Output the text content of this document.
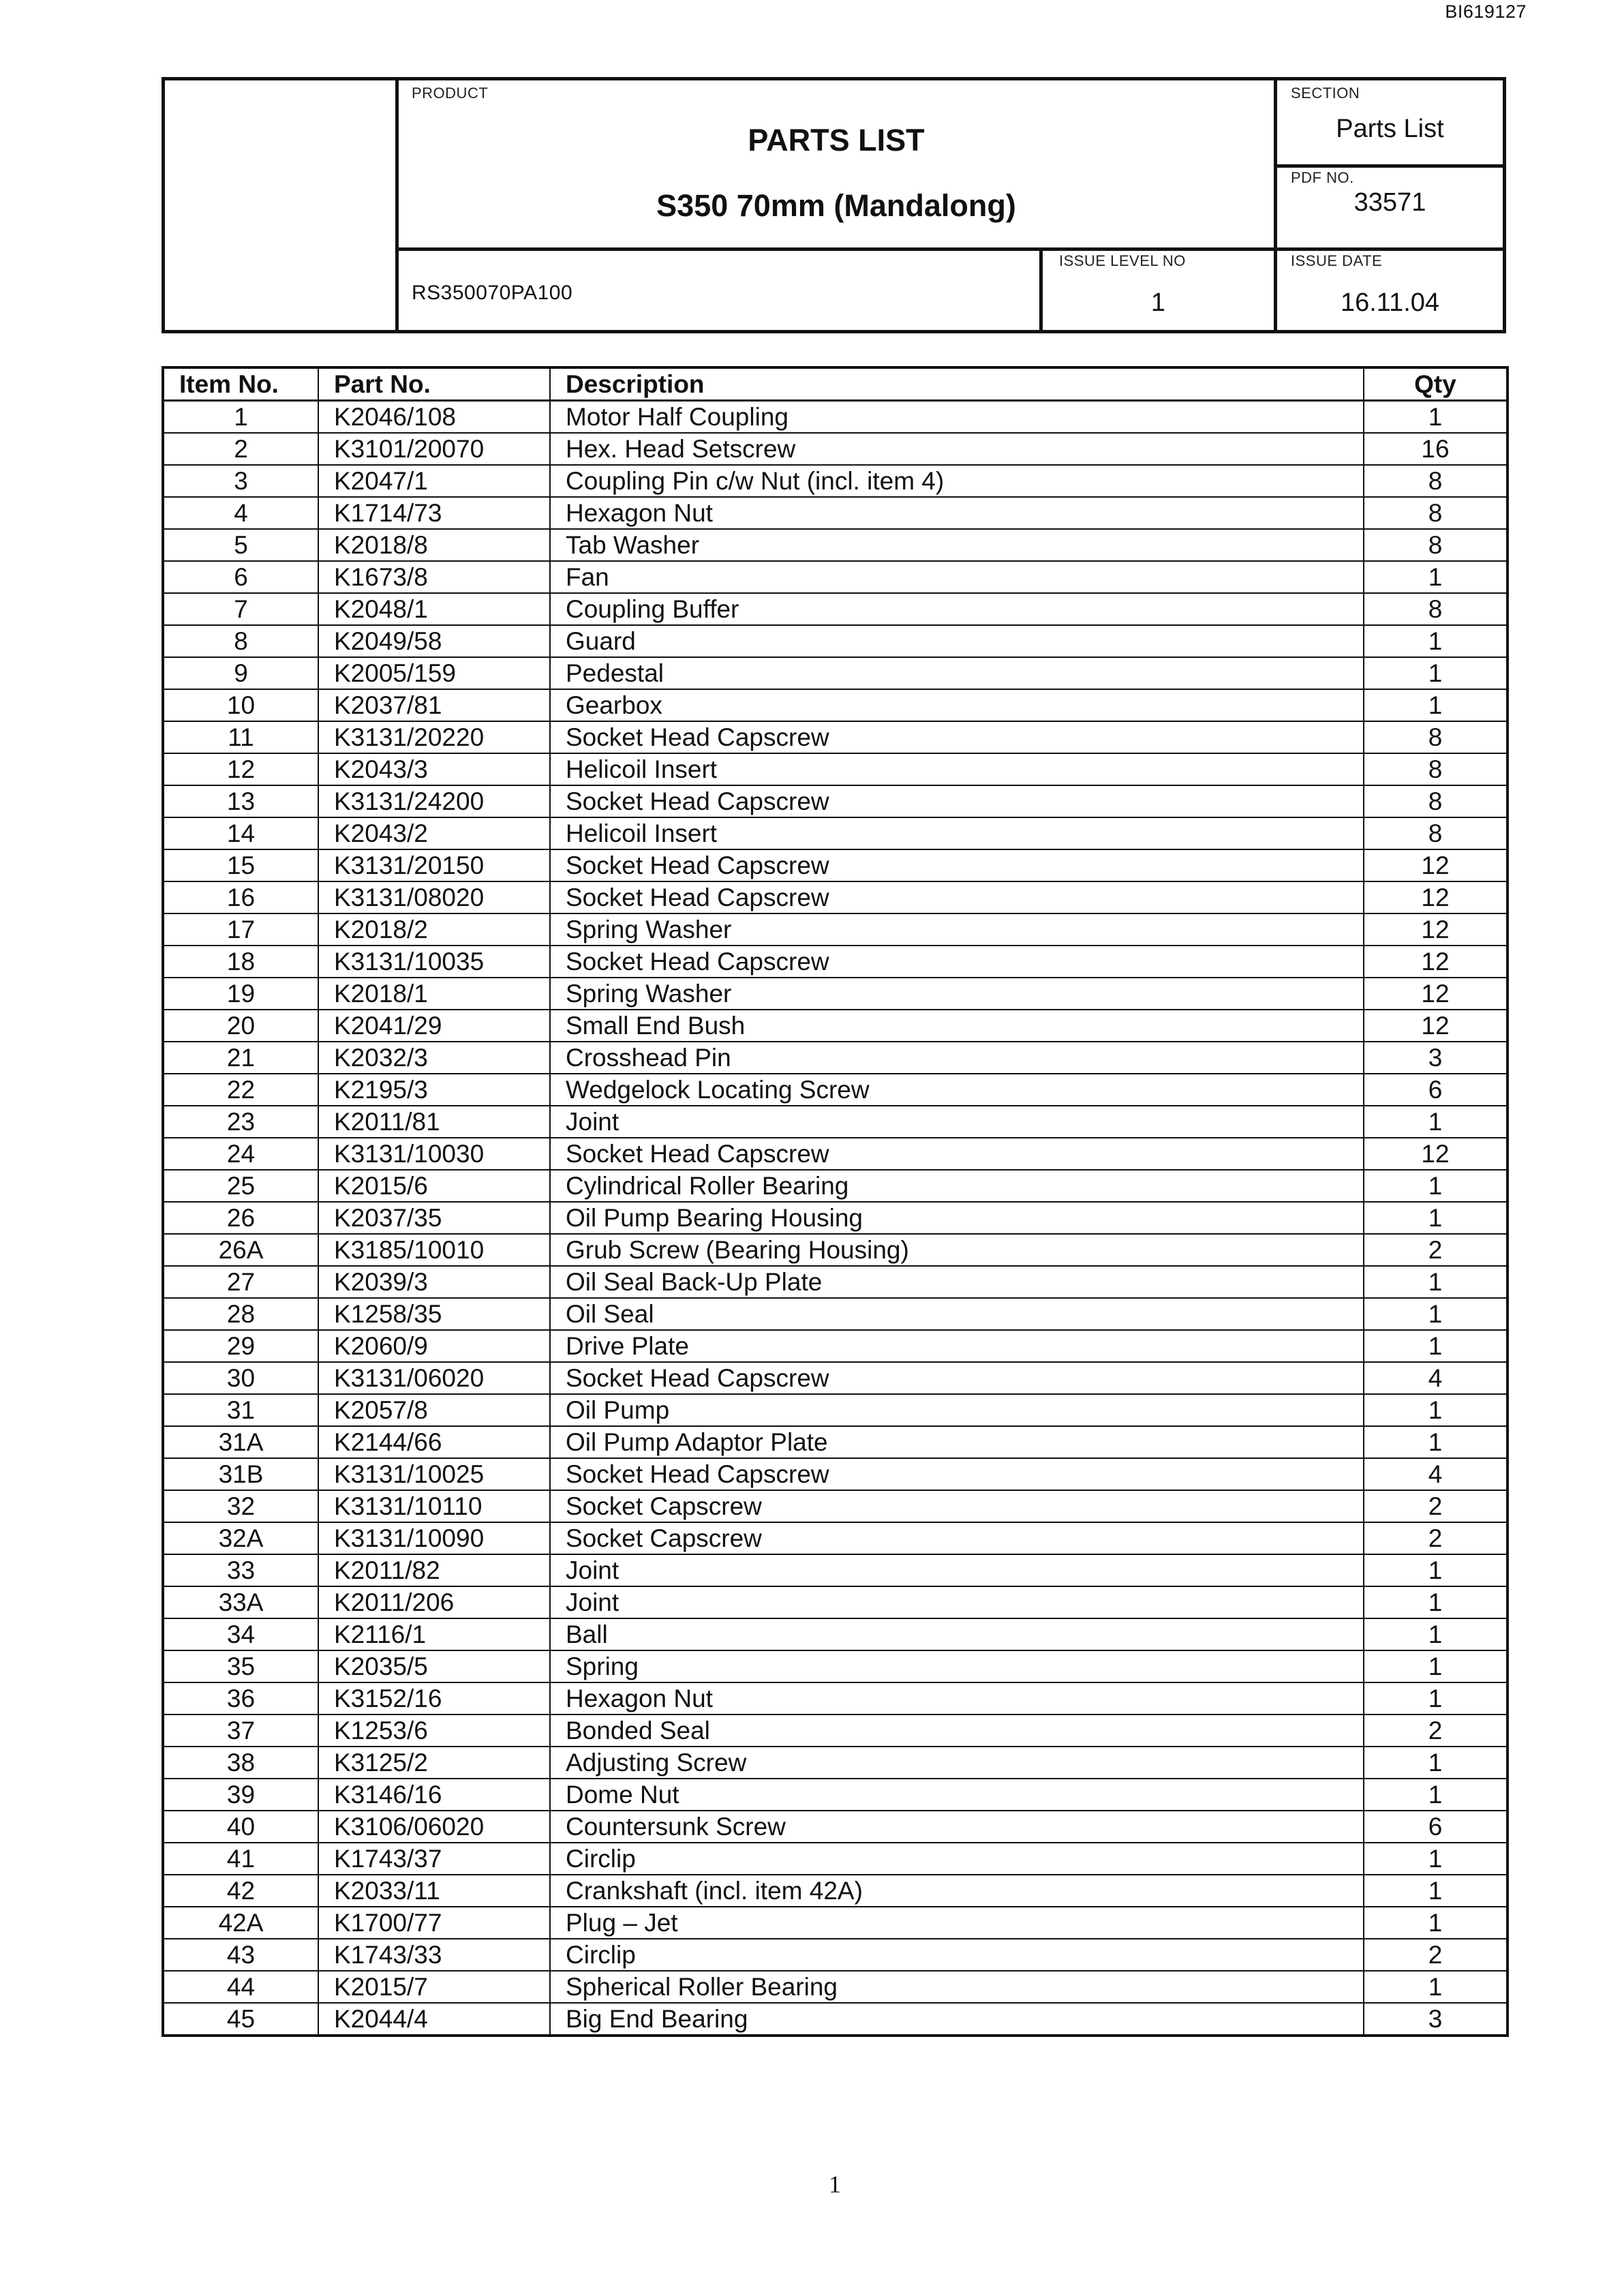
BI619127
PRODUCT
PARTS LIST
S350 70mm (Mandalong)
SECTION
Parts List
PDF NO.
33571
RS350070PA100
ISSUE LEVEL NO
1
ISSUE DATE
16.11.04
Item No.	Part No.	Description	Qty
1	K2046/108	Motor Half Coupling	1
2	K3101/20070	Hex. Head Setscrew	16
3	K2047/1	Coupling Pin c/w Nut (incl. item 4)	8
4	K1714/73	Hexagon Nut	8
5	K2018/8	Tab Washer	8
6	K1673/8	Fan	1
7	K2048/1	Coupling Buffer	8
8	K2049/58	Guard	1
9	K2005/159	Pedestal	1
10	K2037/81	Gearbox	1
11	K3131/20220	Socket Head Capscrew	8
12	K2043/3	Helicoil Insert	8
13	K3131/24200	Socket Head Capscrew	8
14	K2043/2	Helicoil Insert	8
15	K3131/20150	Socket Head Capscrew	12
16	K3131/08020	Socket Head Capscrew	12
17	K2018/2	Spring Washer	12
18	K3131/10035	Socket Head Capscrew	12
19	K2018/1	Spring Washer	12
20	K2041/29	Small End Bush	12
21	K2032/3	Crosshead Pin	3
22	K2195/3	Wedgelock Locating Screw	6
23	K2011/81	Joint	1
24	K3131/10030	Socket Head Capscrew	12
25	K2015/6	Cylindrical Roller Bearing	1
26	K2037/35	Oil Pump Bearing Housing	1
26A	K3185/10010	Grub Screw (Bearing Housing)	2
27	K2039/3	Oil Seal Back-Up Plate	1
28	K1258/35	Oil Seal	1
29	K2060/9	Drive Plate	1
30	K3131/06020	Socket Head Capscrew	4
31	K2057/8	Oil Pump	1
31A	K2144/66	Oil Pump Adaptor Plate	1
31B	K3131/10025	Socket Head Capscrew	4
32	K3131/10110	Socket Capscrew	2
32A	K3131/10090	Socket Capscrew	2
33	K2011/82	Joint	1
33A	K2011/206	Joint	1
34	K2116/1	Ball	1
35	K2035/5	Spring	1
36	K3152/16	Hexagon Nut	1
37	K1253/6	Bonded Seal	2
38	K3125/2	Adjusting Screw	1
39	K3146/16	Dome Nut	1
40	K3106/06020	Countersunk Screw	6
41	K1743/37	Circlip	1
42	K2033/11	Crankshaft (incl. item 42A)	1
42A	K1700/77	Plug – Jet	1
43	K1743/33	Circlip	2
44	K2015/7	Spherical Roller Bearing	1
45	K2044/4	Big End Bearing	3
1
